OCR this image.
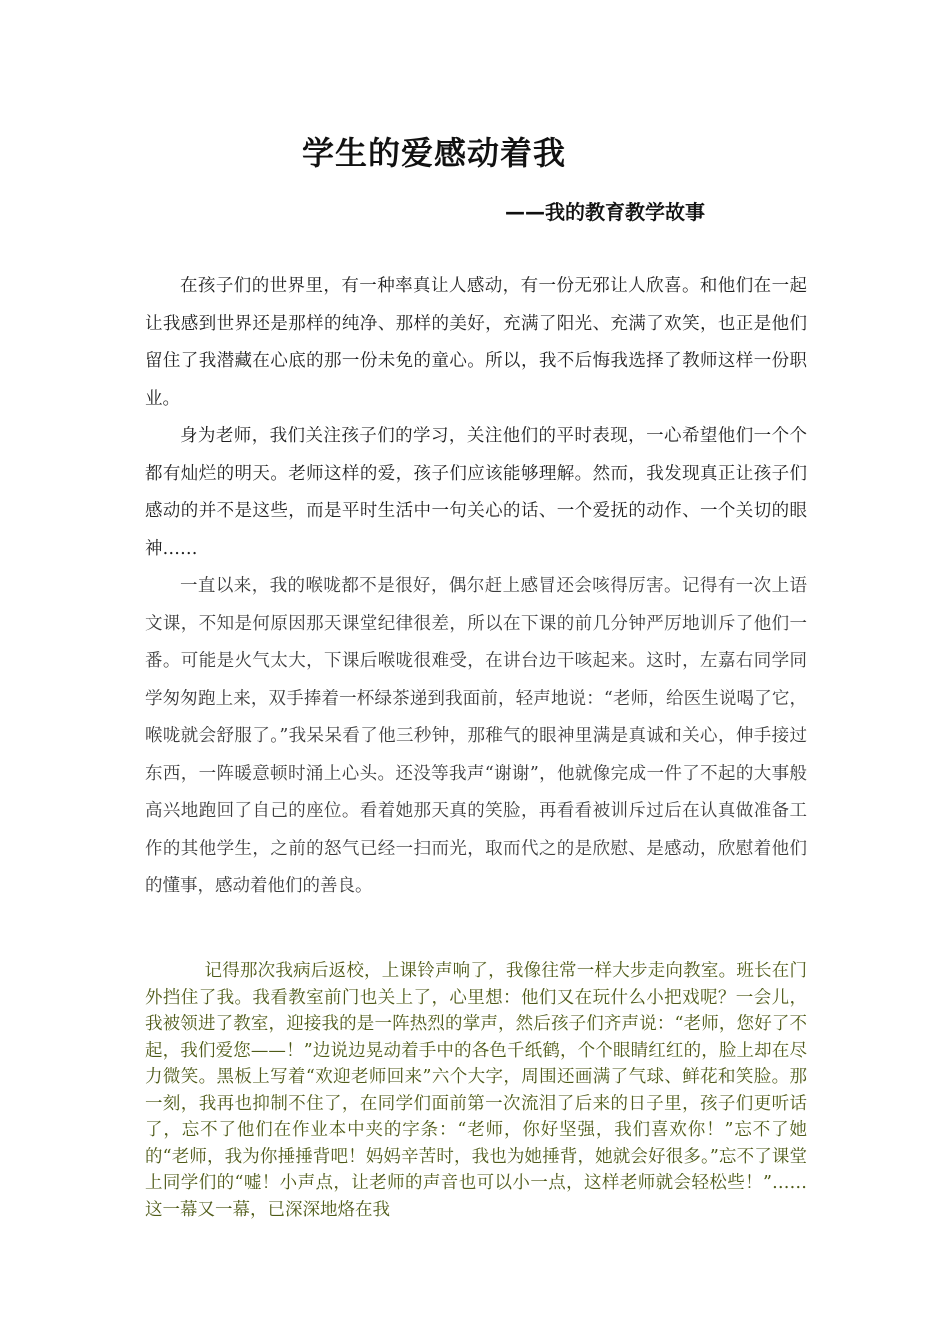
学生的爱感动着我
——我的教育教学故事

在孩子们的世界里，有一种率真让人感动，有一份无邪让人欣喜。和他们在一起让我感到世界还是那样的纯净、那样的美好，充满了阳光、充满了欢笑，也正是他们留住了我潜藏在心底的那一份未免的童心。所以，我不后悔我选择了教师这样一份职业。

身为老师，我们关注孩子们的学习，关注他们的平时表现，一心希望他们一个个都有灿烂的明天。老师这样的爱，孩子们应该能够理解。然而，我发现真正让孩子们感动的并不是这些，而是平时生活中一句关心的话、一个爱抚的动作、一个关切的眼神……

一直以来，我的喉咙都不是很好，偶尔赶上感冒还会咳得厉害。记得有一次上语文课，不知是何原因那天课堂纪律很差，所以在下课的前几分钟严厉地训斥了他们一番。可能是火气太大，下课后喉咙很难受，在讲台边干咳起来。这时，左嘉右同学同学匆匆跑上来，双手捧着一杯绿茶递到我面前，轻声地说：“老师，给医生说喝了它，喉咙就会舒服了。”我呆呆看了他三秒钟，那稚气的眼神里满是真诚和关心，伸手接过东西，一阵暖意顿时涌上心头。还没等我声“谢谢”，他就像完成一件了不起的大事般高兴地跑回了自己的座位。看着她那天真的笑脸，再看看被训斥过后在认真做准备工作的其他学生，之前的怒气已经一扫而光，取而代之的是欣慰、是感动，欣慰着他们的懂事，感动着他们的善良。

记得那次我病后返校，上课铃声响了，我像往常一样大步走向教室。班长在门外挡住了我。我看教室前门也关上了，心里想：他们又在玩什么小把戏呢？一会儿，我被领进了教室，迎接我的是一阵热烈的掌声，然后孩子们齐声说：“老师，您好了不起，我们爱您——！”边说边晃动着手中的各色千纸鹤，个个眼睛红红的，脸上却在尽力微笑。黑板上写着“欢迎老师回来”六个大字，周围还画满了气球、鲜花和笑脸。那一刻，我再也抑制不住了，在同学们面前第一次流泪了后来的日子里，孩子们更听话了，忘不了他们在作业本中夹的字条：“老师，你好坚强，我们喜欢你！”忘不了她的“老师，我为你捶捶背吧！妈妈辛苦时，我也为她捶背，她就会好很多。”忘不了课堂上同学们的“嘘！小声点，让老师的声音也可以小一点，这样老师就会轻松些！”……这一幕又一幕，已深深地烙在我
